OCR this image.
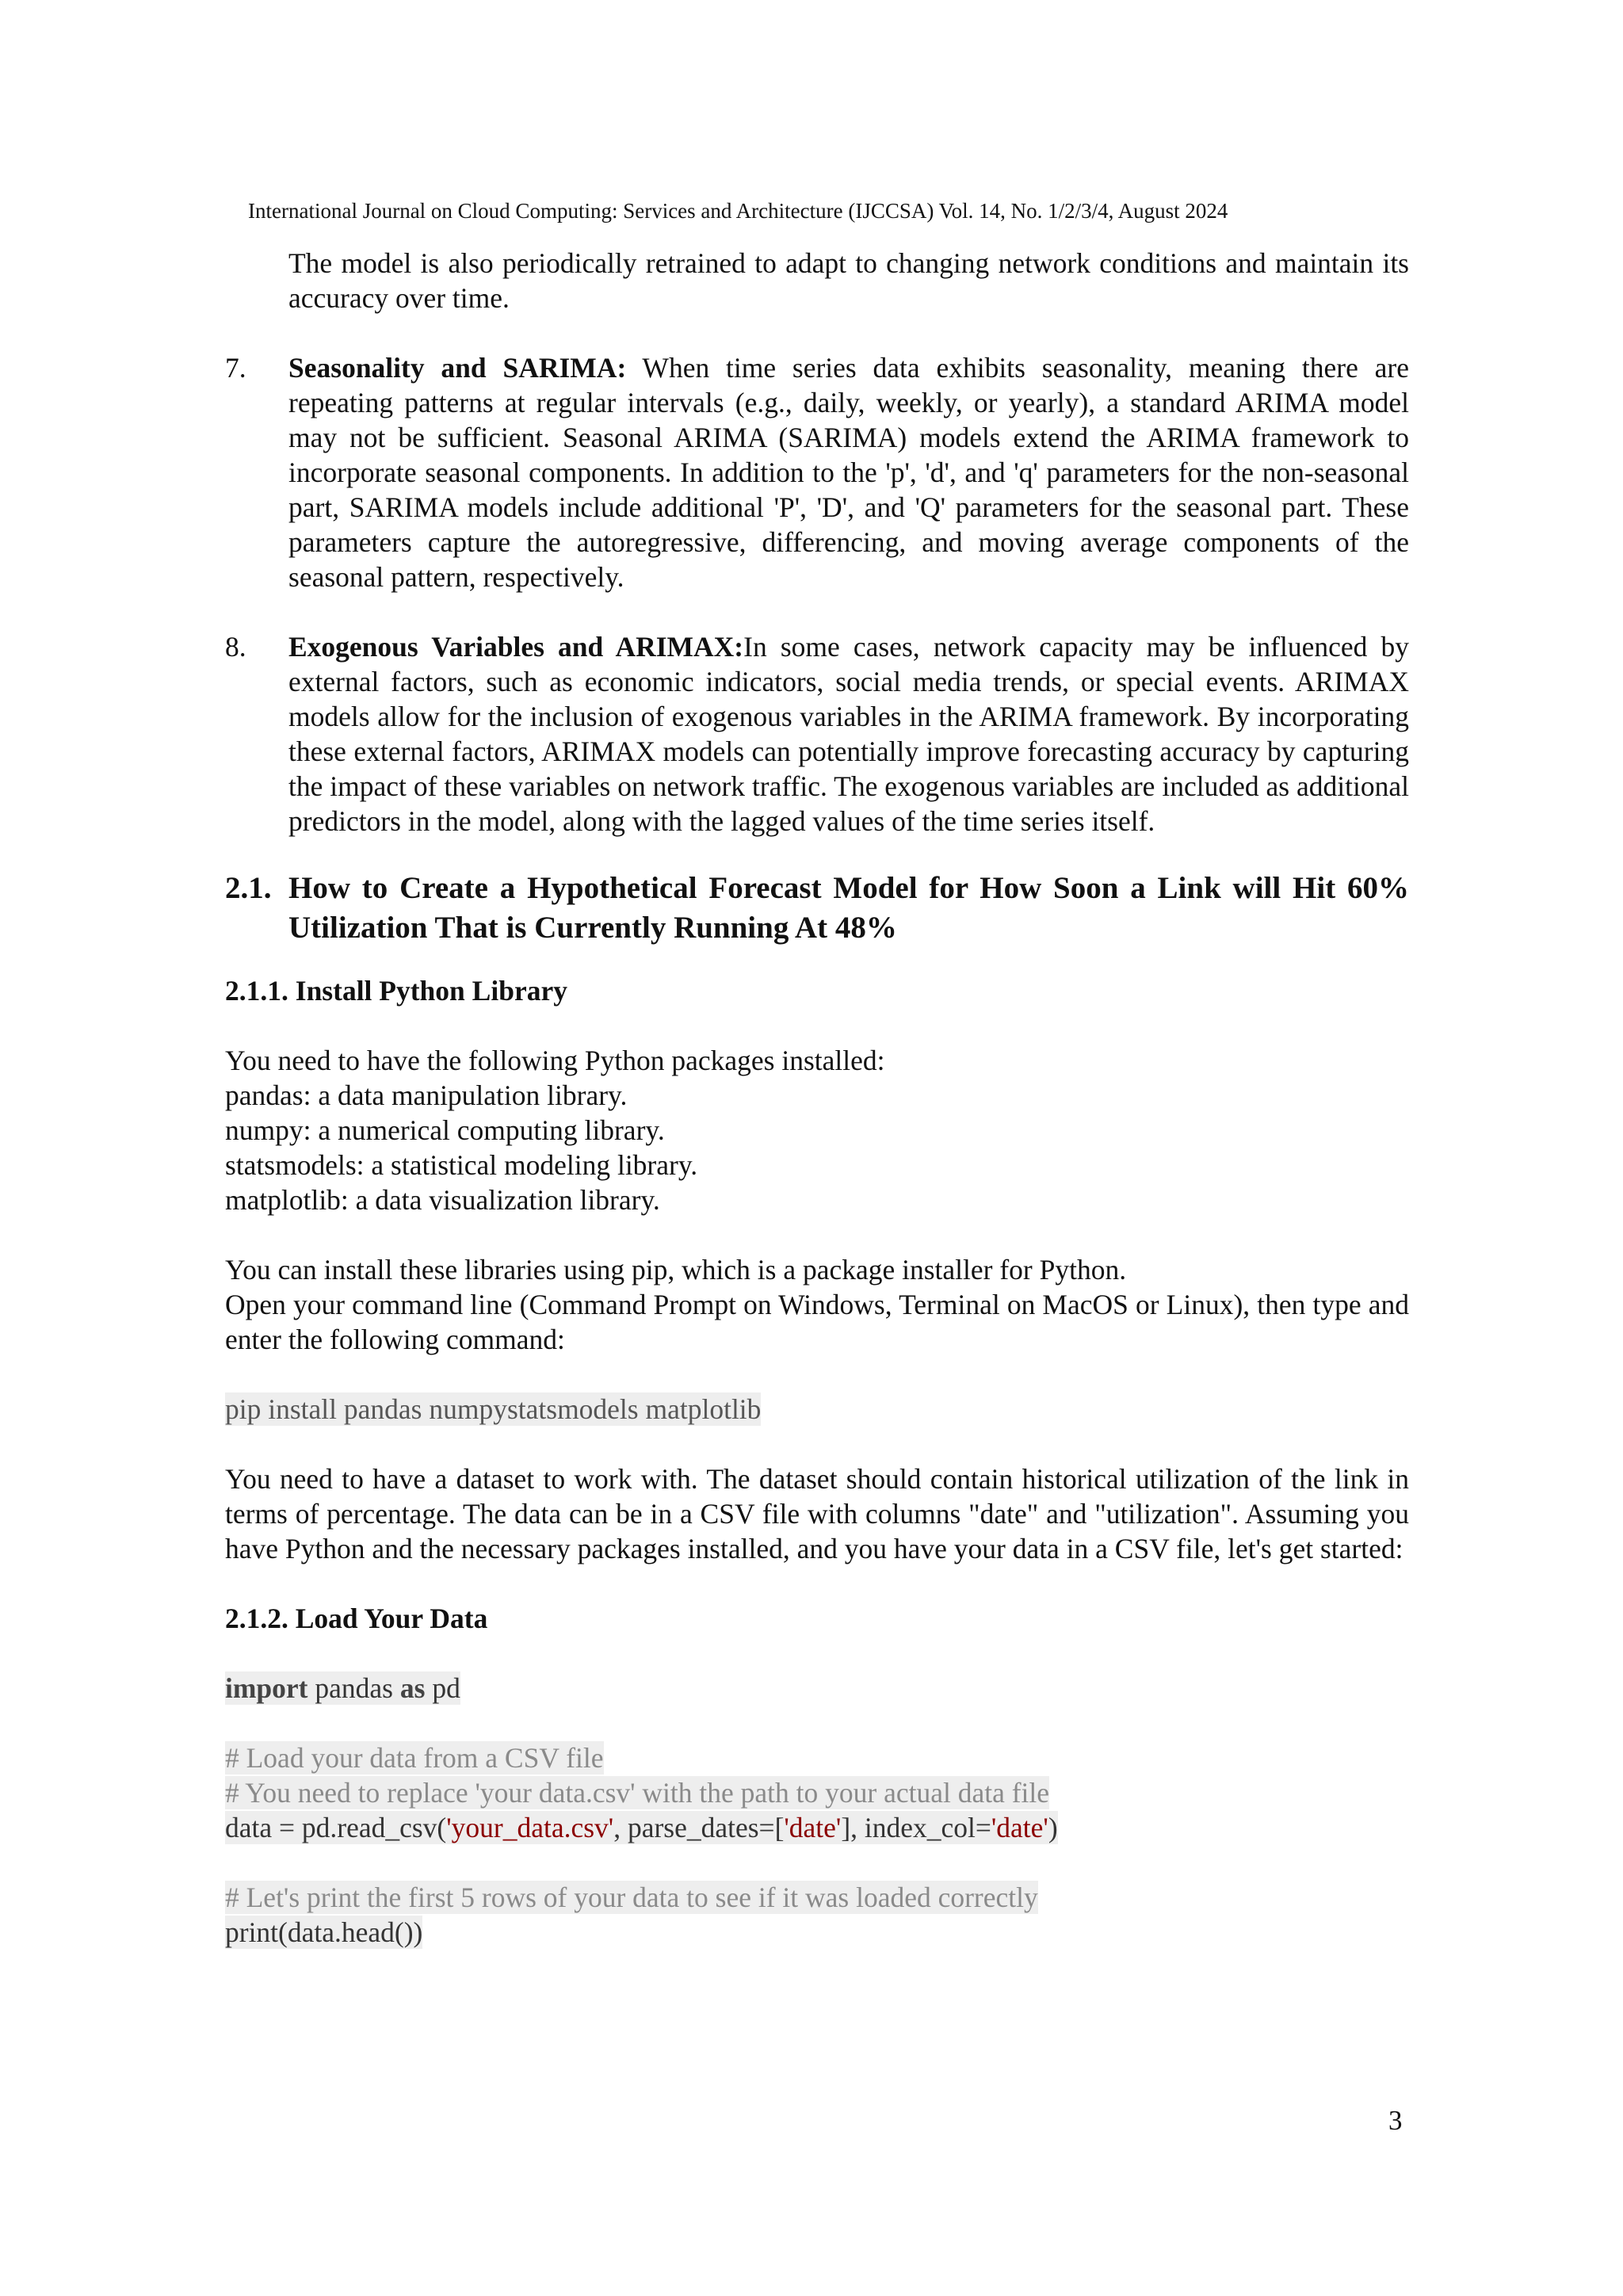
International Journal on Cloud Computing: Services and Architecture (IJCCSA) Vol. 14, No. 1/2/3/4, August 2024
The model is also periodically retrained to adapt to changing network conditions and maintain its accuracy over time.
7.	Seasonality and SARIMA: When time series data exhibits seasonality, meaning there are repeating patterns at regular intervals (e.g., daily, weekly, or yearly), a standard ARIMA model may not be sufficient. Seasonal ARIMA (SARIMA) models extend the ARIMA framework to incorporate seasonal components. In addition to the 'p', 'd', and 'q' parameters for the non-seasonal part, SARIMA models include additional 'P', 'D', and 'Q' parameters for the seasonal part. These parameters capture the autoregressive, differencing, and moving average components of the seasonal pattern, respectively.
8.	Exogenous Variables and ARIMAX:In some cases, network capacity may be influenced by external factors, such as economic indicators, social media trends, or special events. ARIMAX models allow for the inclusion of exogenous variables in the ARIMA framework. By incorporating these external factors, ARIMAX models can potentially improve forecasting accuracy by capturing the impact of these variables on network traffic. The exogenous variables are included as additional predictors in the model, along with the lagged values of the time series itself.
2.1. How to Create a Hypothetical Forecast Model for How Soon a Link will Hit 60% Utilization That is Currently Running At 48%
2.1.1. Install Python Library
You need to have the following Python packages installed:
pandas: a data manipulation library.
numpy: a numerical computing library.
statsmodels: a statistical modeling library.
matplotlib: a data visualization library.
You can install these libraries using pip, which is a package installer for Python.
Open your command line (Command Prompt on Windows, Terminal on MacOS or Linux), then type and enter the following command:
pip install pandas numpystatsmodels matplotlib
You need to have a dataset to work with. The dataset should contain historical utilization of the link in terms of percentage. The data can be in a CSV file with columns "date" and "utilization". Assuming you have Python and the necessary packages installed, and you have your data in a CSV file, let's get started:
2.1.2. Load Your Data
import pandas as pd
# Load your data from a CSV file
# You need to replace 'your data.csv' with the path to your actual data file
data = pd.read_csv('your_data.csv', parse_dates=['date'], index_col='date')
# Let's print the first 5 rows of your data to see if it was loaded correctly
print(data.head())
3
